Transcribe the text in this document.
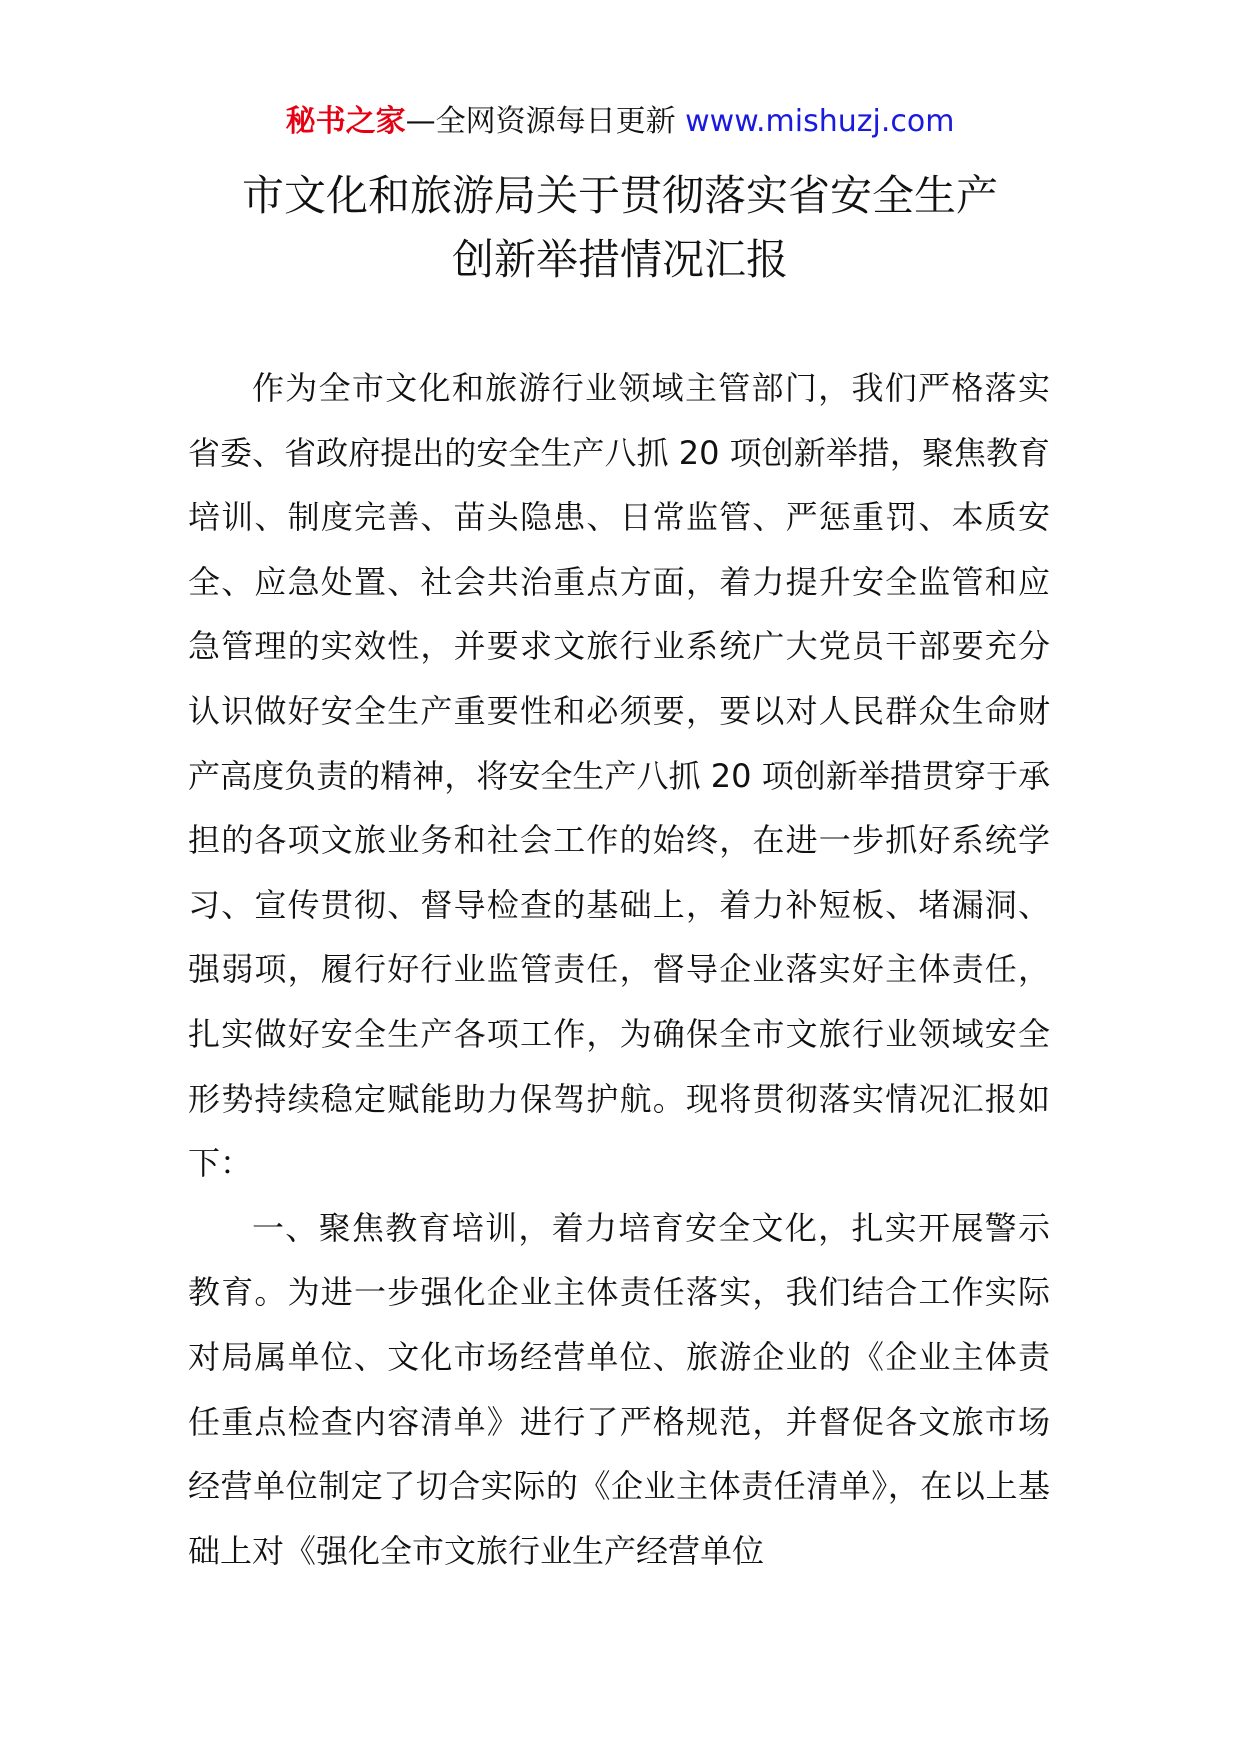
秘书之家—全网资源每日更新 www.mishuzj.com
市文化和旅游局关于贯彻落实省安全生产
创新举措情况汇报

作为全市文化和旅游行业领域主管部门，我们严格落实省委、省政府提出的安全生产八抓 20 项创新举措，聚焦教育培训、制度完善、苗头隐患、日常监管、严惩重罚、本质安全、应急处置、社会共治重点方面，着力提升安全监管和应急管理的实效性，并要求文旅行业系统广大党员干部要充分认识做好安全生产重要性和必须要，要以对人民群众生命财产高度负责的精神，将安全生产八抓 20 项创新举措贯穿于承担的各项文旅业务和社会工作的始终，在进一步抓好系统学习、宣传贯彻、督导检查的基础上，着力补短板、堵漏洞、强弱项，履行好行业监管责任，督导企业落实好主体责任，扎实做好安全生产各项工作，为确保全市文旅行业领域安全形势持续稳定赋能助力保驾护航。现将贯彻落实情况汇报如下：

一、聚焦教育培训，着力培育安全文化，扎实开展警示教育。为进一步强化企业主体责任落实，我们结合工作实际对局属单位、文化市场经营单位、旅游企业的《企业主体责任重点检查内容清单》进行了严格规范，并督促各文旅市场经营单位制定了切合实际的《企业主体责任清单》，在以上基础上对《强化全市文旅行业生产经营单位
